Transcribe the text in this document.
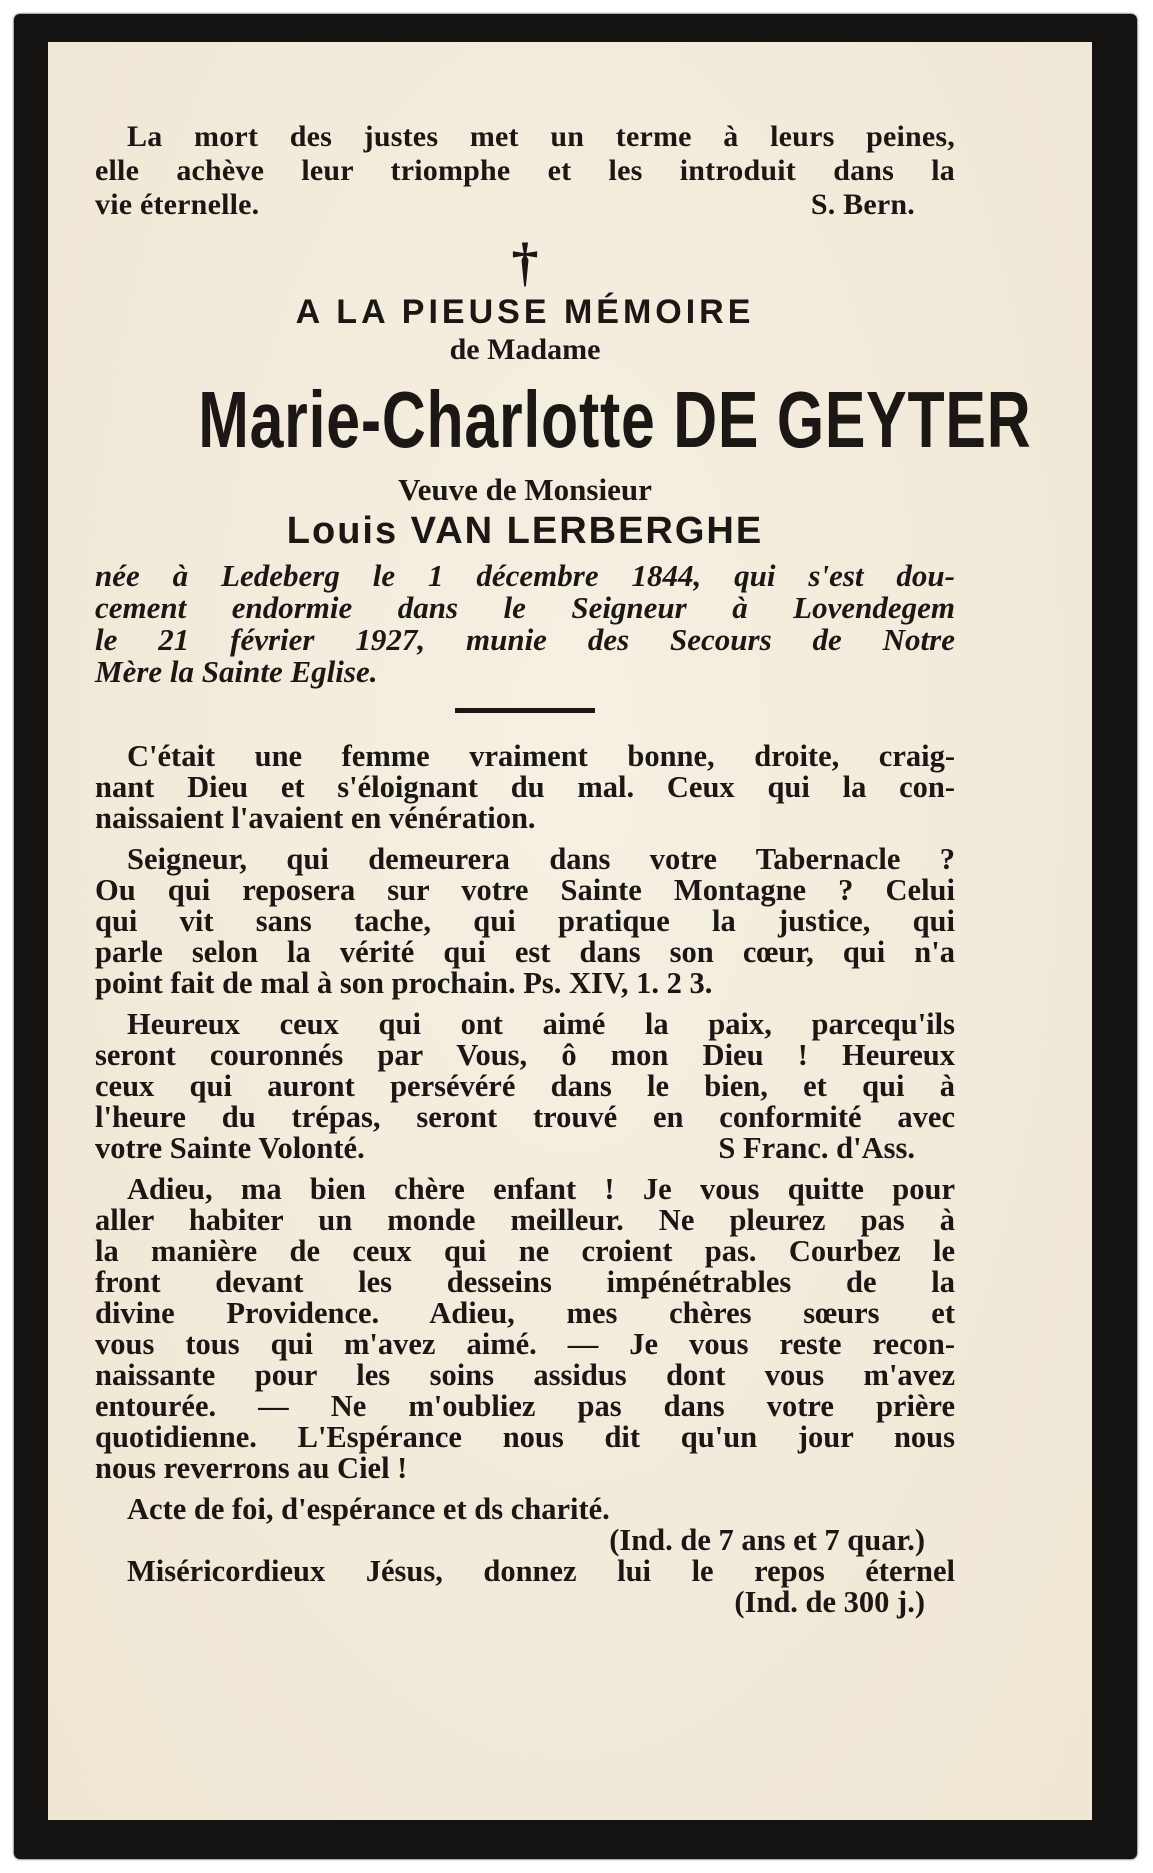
La mort des justes met un terme à leurs peines,
elle achève leur triomphe et les introduit dans la
vie éternelle.	S. Bern.
†
A LA PIEUSE MÉMOIRE
de Madame
Marie-Charlotte DE GEYTER
Veuve de Monsieur
Louis VAN LERBERGHE
née à Ledeberg le 1 décembre 1844, qui s'est dou-
cement endormie dans le Seigneur à Lovendegem
le 21 février 1927, munie des Secours de Notre
Mère la Sainte Eglise.
C'était une femme vraiment bonne, droite, craig-
nant Dieu et s'éloignant du mal. Ceux qui la con-
naissaient l'avaient en vénération.
Seigneur, qui demeurera dans votre Tabernacle ?
Ou qui reposera sur votre Sainte Montagne ? Celui
qui vit sans tache, qui pratique la justice, qui
parle selon la vérité qui est dans son cœur, qui n'a
point fait de mal à son prochain. Ps. XIV, 1. 2 3.
Heureux ceux qui ont aimé la paix, parcequ'ils
seront couronnés par Vous, ô mon Dieu ! Heureux
ceux qui auront persévéré dans le bien, et qui à
l'heure du trépas, seront trouvé en conformité avec
votre Sainte Volonté.	S Franc. d'Ass.
Adieu, ma bien chère enfant ! Je vous quitte pour
aller habiter un monde meilleur. Ne pleurez pas à
la manière de ceux qui ne croient pas. Courbez le
front devant les desseins impénétrables de la
divine Providence. Adieu, mes chères sœurs et
vous tous qui m'avez aimé. — Je vous reste recon-
naissante pour les soins assidus dont vous m'avez
entourée. — Ne m'oubliez pas dans votre prière
quotidienne. L'Espérance nous dit qu'un jour nous
nous reverrons au Ciel !
Acte de foi, d'espérance et ds charité.
(Ind. de 7 ans et 7 quar.)
Miséricordieux Jésus, donnez lui le repos éternel
(Ind. de 300 j.)
